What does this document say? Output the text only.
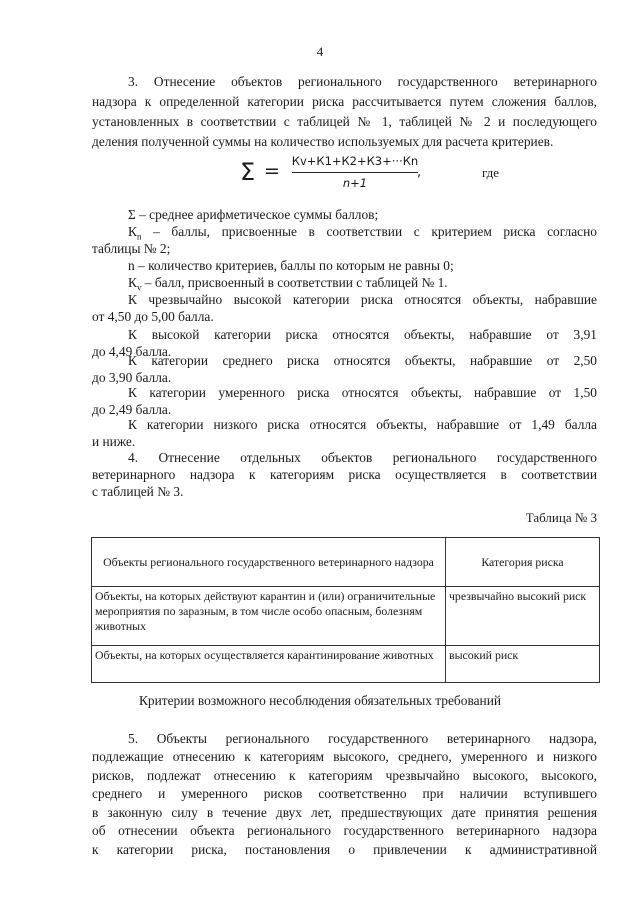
4
3. Отнесение объектов регионального государственного ветеринарного
надзора к определенной категории риска рассчитывается путем сложения баллов,
установленных в соответствии с таблицей № 1, таблицей № 2 и последующего
деления полученной суммы на количество используемых для расчета критериев.
Σ = Кv+К1+К2+К3+···Кn
n+1
,	где
Σ – среднее арифметическое суммы баллов;
$К_n$ – баллы, присвоенные в соответствии с критерием риска согласно
таблицы № 2;
n – количество критериев, баллы по которым не равны 0;
$К_v$ – балл, присвоенный в соответствии с таблицей № 1.
К чрезвычайно высокой категории риска относятся объекты, набравшие
от 4,50 до 5,00 балла.
К высокой категории риска относятся объекты, набравшие от 3,91
до 4,49 балла.
К категории среднего риска относятся объекты, набравшие от 2,50
до 3,90 балла.
К категории умеренного риска относятся объекты, набравшие от 1,50
до 2,49 балла.
К категории низкого риска относятся объекты, набравшие от 1,49 балла
и ниже.
4. Отнесение отдельных объектов регионального государственного
ветеринарного надзора к категориям риска осуществляется в соответствии
с таблицей № 3.
Таблица № 3
Объекты регионального государственного ветеринарного надзора	Категория риска
Объекты, на которых действуют карантин и (или) ограничительные мероприятия по заразным, в том числе особо опасным, болезням животных	чрезвычайно высокий риск
Объекты, на которых осуществляется карантинирование животных	высокий риск
Критерии возможного несоблюдения обязательных требований
5. Объекты регионального государственного ветеринарного надзора,
подлежащие отнесению к категориям высокого, среднего, умеренного и низкого
рисков, подлежат отнесению к категориям чрезвычайно высокого, высокого,
среднего и умеренного рисков соответственно при наличии вступившего
в законную силу в течение двух лет, предшествующих дате принятия решения
об отнесении объекта регионального государственного ветеринарного надзора
к категории риска, постановления о привлечении к административной
